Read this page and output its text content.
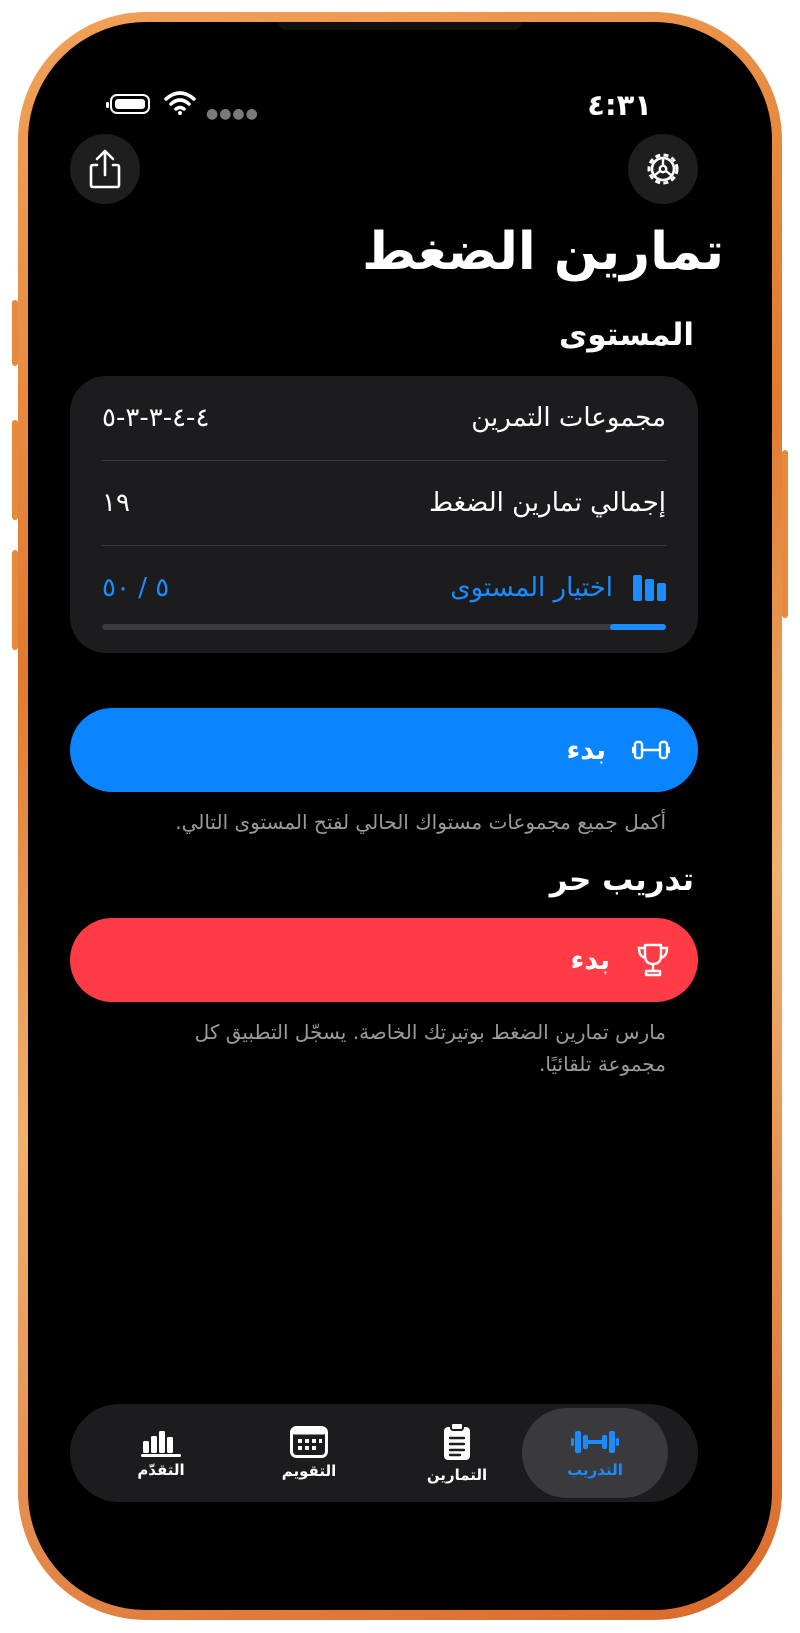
●●●●	٤:٣١
تمارين الضغط
المستوى
٤-٤-٣-٣-٥	مجموعات التمرين
١٩	إجمالي تمارين الضغط
٥ / ٥٠	اختيار المستوى
بدء
أكمل جميع مجموعات مستواك الحالي لفتح المستوى التالي.
تدريب حر
بدء
مارس تمارين الضغط بوتيرتك الخاصة. يسجّل التطبيق كل
مجموعة تلقائيًا.
التقدّم	التقويم	التمارين	التدريب
